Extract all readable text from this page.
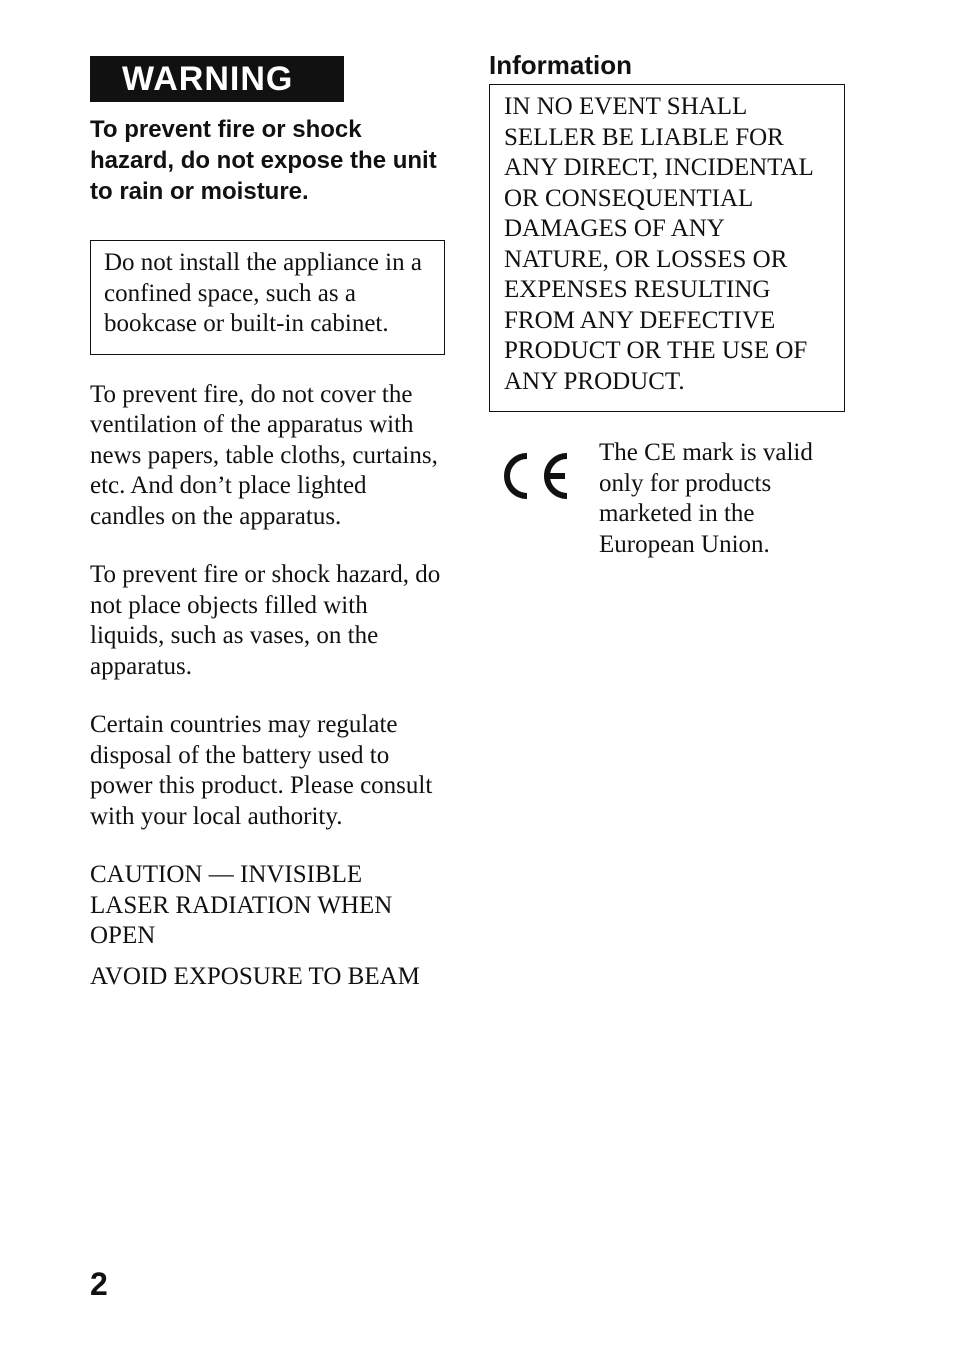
WARNING
To prevent fire or shock hazard, do not expose the unit to rain or moisture.
Do not install the appliance in a confined space, such as a bookcase or built-in cabinet.

To prevent fire, do not cover the ventilation of the apparatus with news papers, table cloths, curtains, etc. And don’t place lighted candles on the apparatus.

To prevent fire or shock hazard, do not place objects filled with liquids, such as vases, on the apparatus.

Certain countries may regulate disposal of the battery used to power this product. Please consult with your local authority.

CAUTION — INVISIBLE LASER RADIATION WHEN OPEN

AVOID EXPOSURE TO BEAM

Information
IN NO EVENT SHALL SELLER BE LIABLE FOR ANY DIRECT, INCIDENTAL OR CONSEQUENTIAL DAMAGES OF ANY NATURE, OR LOSSES OR EXPENSES RESULTING FROM ANY DEFECTIVE PRODUCT OR THE USE OF ANY PRODUCT.
The CE mark is valid only for products marketed in the European Union.
2
